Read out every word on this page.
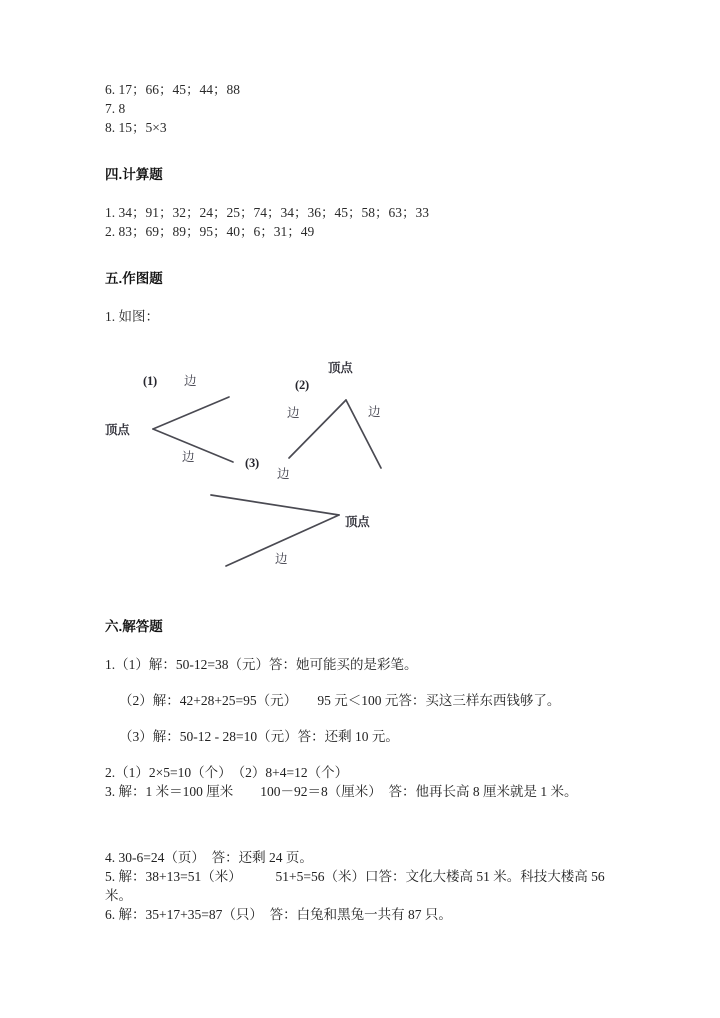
6. 17；66；45；44；88
7. 8
8. 15；5×3
四.计算题
1. 34；91；32；24；25；74；34；36；45；58；63；33
2. 83；69；89；95；40；6；31；49
五.作图题
1. 如图：
(1)
顶点
边
边
(2)
顶点
边	边
(3)
顶点
边
边
六.解答题
1.（1）解：50-12=38（元）答：她可能买的是彩笔。
（2）解：42+28+25=95（元）　　95 元＜100 元答：买这三样东西钱够了。
（3）解：50-12 - 28=10（元）答：还剩 10 元。
2.（1）2×5=10（个）　（2）8+4=12（个）
3. 解：1 米＝100 厘米　　100－92＝8（厘米）　答：他再长高 8 厘米就是 1 米。
4. 30-6=24（页）　答：还剩 24 页。
5. 解：38+13=51（米）　　　51+5=56（米）口答：文化大楼高 51 米。科技大楼高 56 米。
6. 解：35+17+35=87（只）　答：白兔和黑兔一共有 87 只。
